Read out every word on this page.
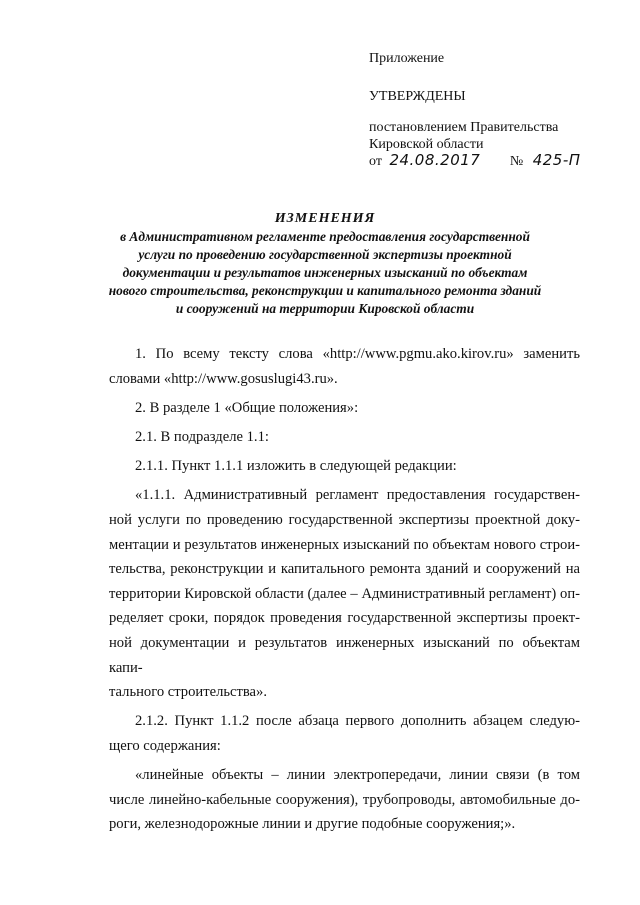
Приложение
УТВЕРЖДЕНЫ
постановлением Правительства
Кировской области
от 24.08.2017 № 425-П
ИЗМЕНЕНИЯ
в Административном регламенте предоставления государственной
услуги по проведению государственной экспертизы проектной
документации и результатов инженерных изысканий по объектам
нового строительства, реконструкции и капитального ремонта зданий
и сооружений на территории Кировской области

1. По всему тексту слова «http://www.pgmu.ako.kirov.ru» заменить
словами «http://www.gosuslugi43.ru».

2. В разделе 1 «Общие положения»:

2.1. В подразделе 1.1:

2.1.1. Пункт 1.1.1 изложить в следующей редакции:

«1.1.1. Административный регламент предоставления государствен-
ной услуги по проведению государственной экспертизы проектной доку-
ментации и результатов инженерных изысканий по объектам нового строи-
тельства, реконструкции и капитального ремонта зданий и сооружений на
территории Кировской области (далее – Административный регламент) оп-
ределяет сроки, порядок проведения государственной экспертизы проект-
ной документации и результатов инженерных изысканий по объектам капи-
тального строительства».

2.1.2. Пункт 1.1.2 после абзаца первого дополнить абзацем следую-
щего содержания:

«линейные объекты – линии электропередачи, линии связи (в том
числе линейно-кабельные сооружения), трубопроводы, автомобильные до-
роги, железнодорожные линии и другие подобные сооружения;».
